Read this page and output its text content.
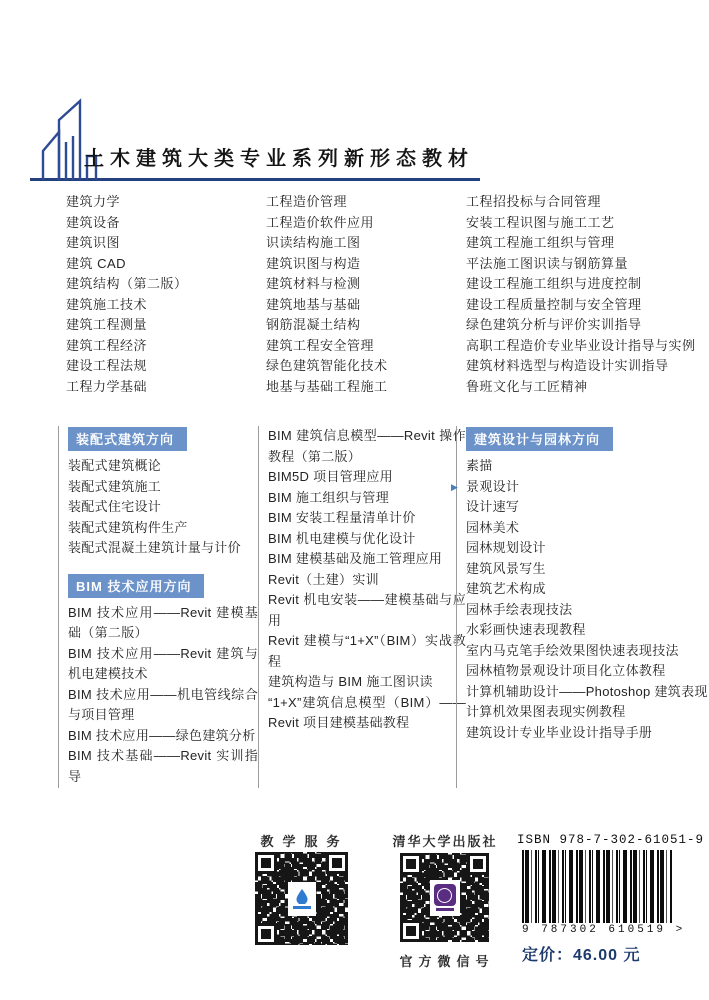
土木建筑大类专业系列新形态教材
建筑力学
建筑设备
建筑识图
建筑 CAD
建筑结构（第二版）
建筑施工技术
建筑工程测量
建筑工程经济
建设工程法规
工程力学基础
工程造价管理
工程造价软件应用
识读结构施工图
建筑识图与构造
建筑材料与检测
建筑地基与基础
钢筋混凝土结构
建筑工程安全管理
绿色建筑智能化技术
地基与基础工程施工
工程招投标与合同管理
安装工程识图与施工工艺
建筑工程施工组织与管理
平法施工图识读与钢筋算量
建设工程施工组织与进度控制
建设工程质量控制与安全管理
绿色建筑分析与评价实训指导
高职工程造价专业毕业设计指导与实例
建筑材料选型与构造设计实训指导
鲁班文化与工匠精神
装配式建筑方向
装配式建筑概论
装配式建筑施工
装配式住宅设计
装配式建筑构件生产
装配式混凝土建筑计量与计价
BIM 技术应用方向
BIM 技术应用——Revit 建模基础（第二版）
BIM 技术应用——Revit 建筑与机电建模技术
BIM 技术应用——机电管线综合与项目管理
BIM 技术应用——绿色建筑分析
BIM 技术基础——Revit 实训指导
BIM 建筑信息模型——Revit 操作教程（第二版）
BIM5D 项目管理应用
BIM 施工组织与管理
BIM 安装工程量清单计价
BIM 机电建模与优化设计
BIM 建模基础及施工管理应用
Revit（土建）实训
Revit 机电安装——建模基础与应用
Revit 建模与“1+X”（BIM）实战教程
建筑构造与 BIM 施工图识读
“1+X”建筑信息模型（BIM）——Revit 项目建模基础教程
建筑设计与园林方向
素描
▶ 景观设计
设计速写
园林美术
园林规划设计
建筑风景写生
建筑艺术构成
园林手绘表现技法
水彩画快速表现教程
室内马克笔手绘效果图快速表现技法
园林植物景观设计项目化立体教程
计算机辅助设计——Photoshop 建筑表现
计算机效果图表现实例教程
建筑设计专业毕业设计指导手册
教学服务	清华大学出版社
官方微信号
ISBN 978-7-302-61051-9
9 787302 610519 >
定价：46.00 元
